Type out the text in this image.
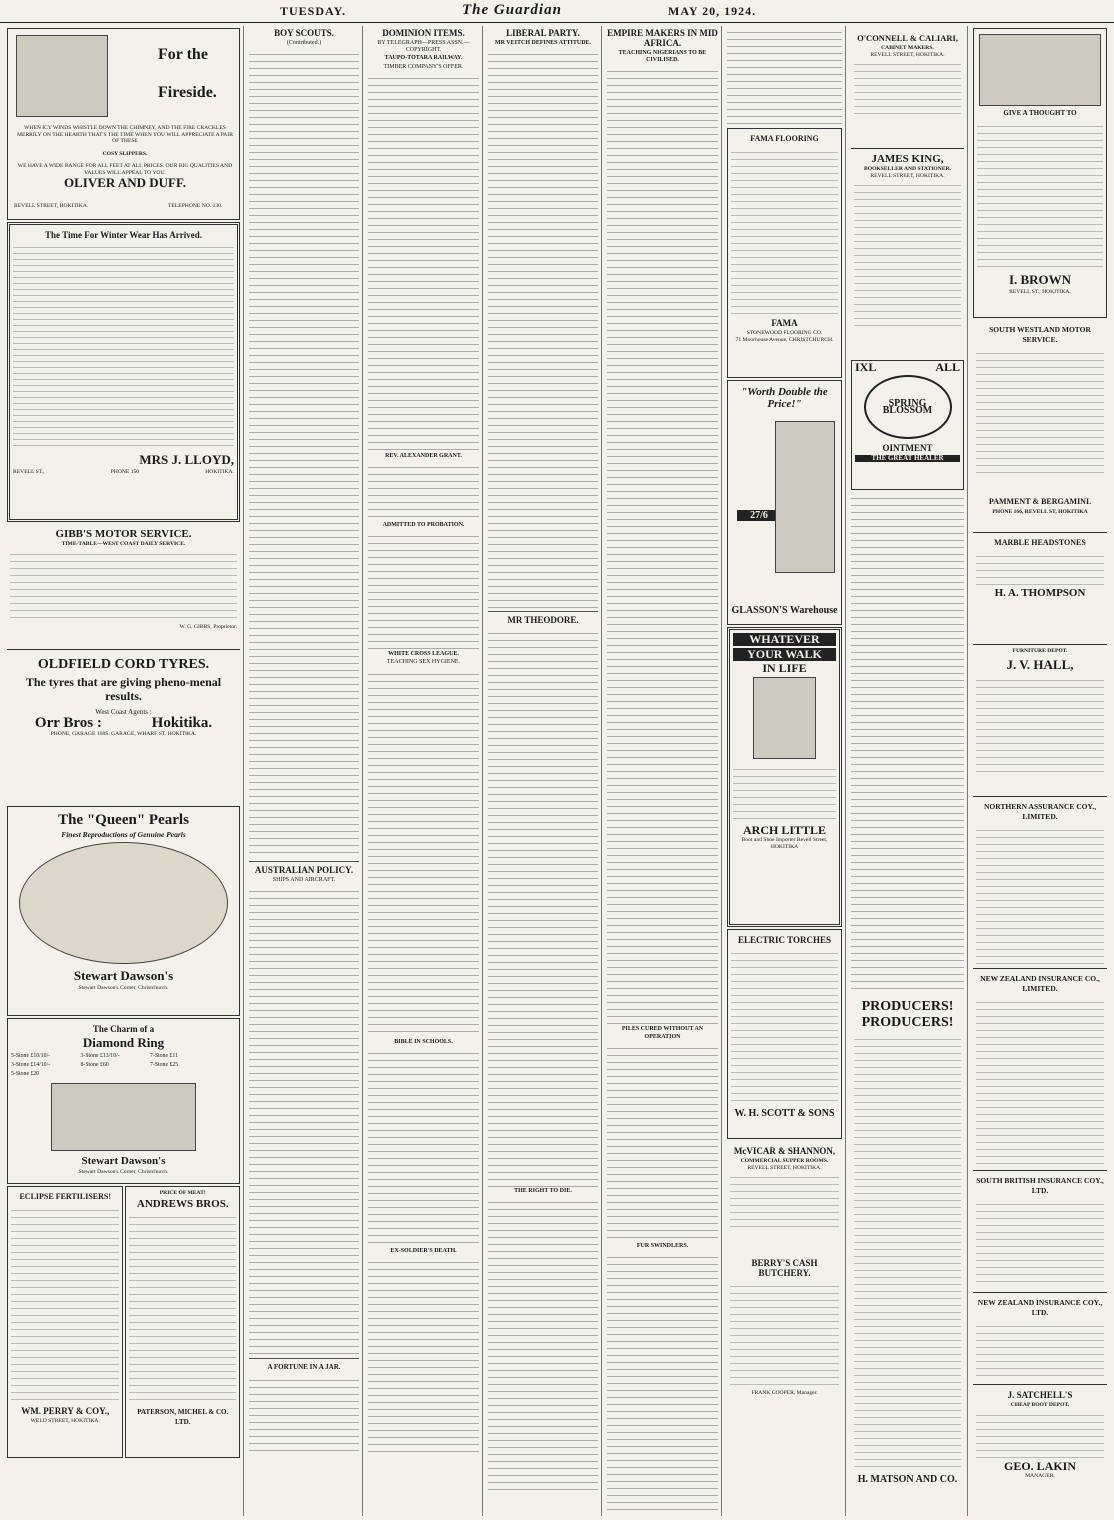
TUESDAY.	The Guardian	MAY 20, 1924.
For the
Fireside.
WHEN ICY WINDS WHISTLE DOWN THE CHIMNEY, AND THE FIRE CRACKLES MERRILY ON THE HEARTH THAT'S THE TIME WHEN YOU WILL APPRECIATE A PAIR OF THESE
COSY SLIPPERS.
WE HAVE A WIDE RANGE FOR ALL FEET AT ALL PRICES. OUR BIG QUALITIES AND VALUES WILL APPEAL TO YOU.
OLIVER AND DUFF.
REVELL STREET, HOKITIKA.	TELEPHONE NO. 130.
The Time For Winter Wear Has Arrived.
MRS J. LLOYD,
REVELL ST.,	PHONE 150	HOKITIKA.
GIBB'S MOTOR SERVICE.
TIME-TABLE—WEST COAST DAILY SERVICE.
W. G. GIBBS, Proprietor.
OLDFIELD CORD TYRES.
The tyres that are giving pheno-menal results.
West Coast Agents :
Orr Bros :	Hokitika.
PHONE, GARAGE 168S. GARAGE, WHARF ST. HOKITIKA.
The "Queen" Pearls
Finest Reproductions of Genuine Pearls
Stewart Dawson's
Stewart Dawson's Corner, Christchurch.
The Charm of a
Diamond Ring
5-Stone £10/10/-	3-Stone £13/10/-	7-Stone £11
3-Stone £14/10/-	8-Stone £60	7-Stone £25
5-Stone £20
Stewart Dawson's
Stewart Dawson's Corner, Christchurch.
ECLIPSE FERTILISERS!
WM. PERRY & COY.,
WELD STREET, HOKITIKA.
PRICE OF MEAT!
ANDREWS BROS.
PATERSON, MICHEL & CO. LTD.
BOY SCOUTS.
(Contributed.)
AUSTRALIAN POLICY.
SHIPS AND AIRCRAFT.
A FORTUNE IN A JAR.
DOMINION ITEMS.
BY TELEGRAPH—PRESS ASSN.—COPYRIGHT.
TAUPO-TOTARA RAILWAY.
TIMBER COMPANY'S OFFER.
REV. ALEXANDER GRANT.
ADMITTED TO PROBATION.
WHITE CROSS LEAGUE.
TEACHING SEX HYGIENE.
BIBLE IN SCHOOLS.
EX-SOLDIER'S DEATH.
LIBERAL PARTY.
MR VEITCH DEFINES ATTITUDE.
MR THEODORE.
THE RIGHT TO DIE.
EMPIRE MAKERS IN MID AFRICA.
TEACHING NIGERIANS TO BE CIVILISED.
PILES CURED WITHOUT AN OPERATION
FUR SWINDLERS.
FAMA FLOORING
FAMA
STONEWOOD FLOORING CO.
71 Moorhouse Avenue, CHRISTCHURCH.
"Worth Double the Price!"
27/6
GLASSON'S Warehouse
WHATEVER
YOUR WALK
IN LIFE
ARCH LITTLE
Boot and Shoe Importer Revell Street, HOKITIKA
ELECTRIC TORCHES
W. H. SCOTT & SONS
McVICAR & SHANNON,
COMMERCIAL SUPPER ROOMS.
REVELL STREET, HOKITIKA.
BERRY'S CASH BUTCHERY.
FRANK COOPER, Manager.
O'CONNELL & CALIARI,
CABINET MAKERS.
REVELL STREET, HOKITIKA.
JAMES KING,
BOOKSELLER AND STATIONER.
REVELL STREET, HOKITIKA.
IXL	ALL
SPRING BLOSSOM
OINTMENT
THE GREAT HEALER
PRODUCERS! PRODUCERS!
H. MATSON AND CO.
GIVE A THOUGHT TO
I. BROWN
REVELL ST., HOKITIKA.
SOUTH WESTLAND MOTOR SERVICE.
PAMMENT & BERGAMINI.
PHONE 166, REVELL ST, HOKITIKA
MARBLE HEADSTONES
H. A. THOMPSON
FURNITURE DEPOT.
J. V. HALL,
NORTHERN ASSURANCE COY., LIMITED.
NEW ZEALAND INSURANCE CO., LIMITED.
SOUTH BRITISH INSURANCE COY., LTD.
NEW ZEALAND INSURANCE COY., LTD.
J. SATCHELL'S
CHEAP BOOT DEPOT.
GEO. LAKIN
MANAGER.
